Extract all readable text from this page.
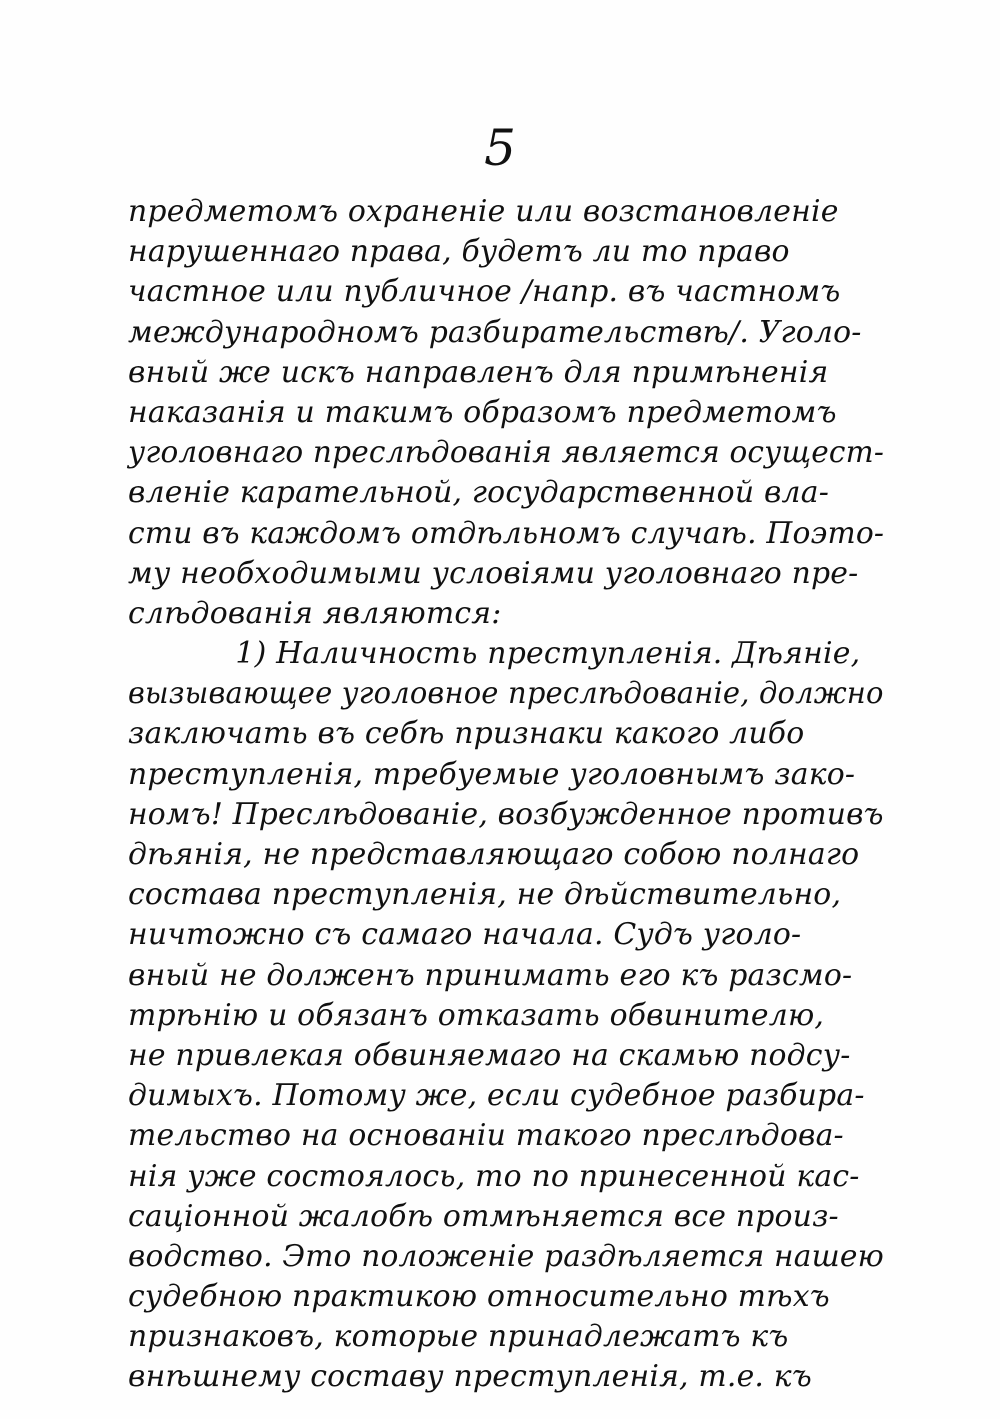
5
предметомъ охраненіе или возстановленіе
нарушеннаго права, будетъ ли то право
частное или публичное /напр. въ частномъ
международномъ разбирательствѣ/. Уголо-
вный же искъ направленъ для примѣненія
наказанія и такимъ образомъ предметомъ
уголовнаго преслѣдованія является осущест-
вленіе карательной, государственной вла-
сти въ каждомъ отдѣльномъ случаѣ. Поэто-
му необходимыми условіями уголовнаго пре-
слѣдованія являются:
1) Наличность преступленія. Дѣяніе,
вызывающее уголовное преслѣдованіе, должно
заключать въ себѣ признаки какого либо
преступленія, требуемые уголовнымъ зако-
номъ! Преслѣдованіе, возбужденное противъ
дѣянія, не представляющаго собою полнаго
состава преступленія, не дѣйствительно,
ничтожно съ самаго начала. Судъ уголо-
вный не долженъ принимать его къ разсмо-
трѣнію и обязанъ отказать обвинителю,
не привлекая обвиняемаго на скамью подсу-
димыхъ. Потому же, если судебное разбира-
тельство на основаніи такого преслѣдова-
нія уже состоялось, то по принесенной кас-
саціонной жалобѣ отмѣняется все произ-
водство. Это положеніе раздѣляется нашею
судебною практикою относительно тѣхъ
признаковъ, которые принадлежатъ къ
внѣшнему составу преступленія, т.е. къ
